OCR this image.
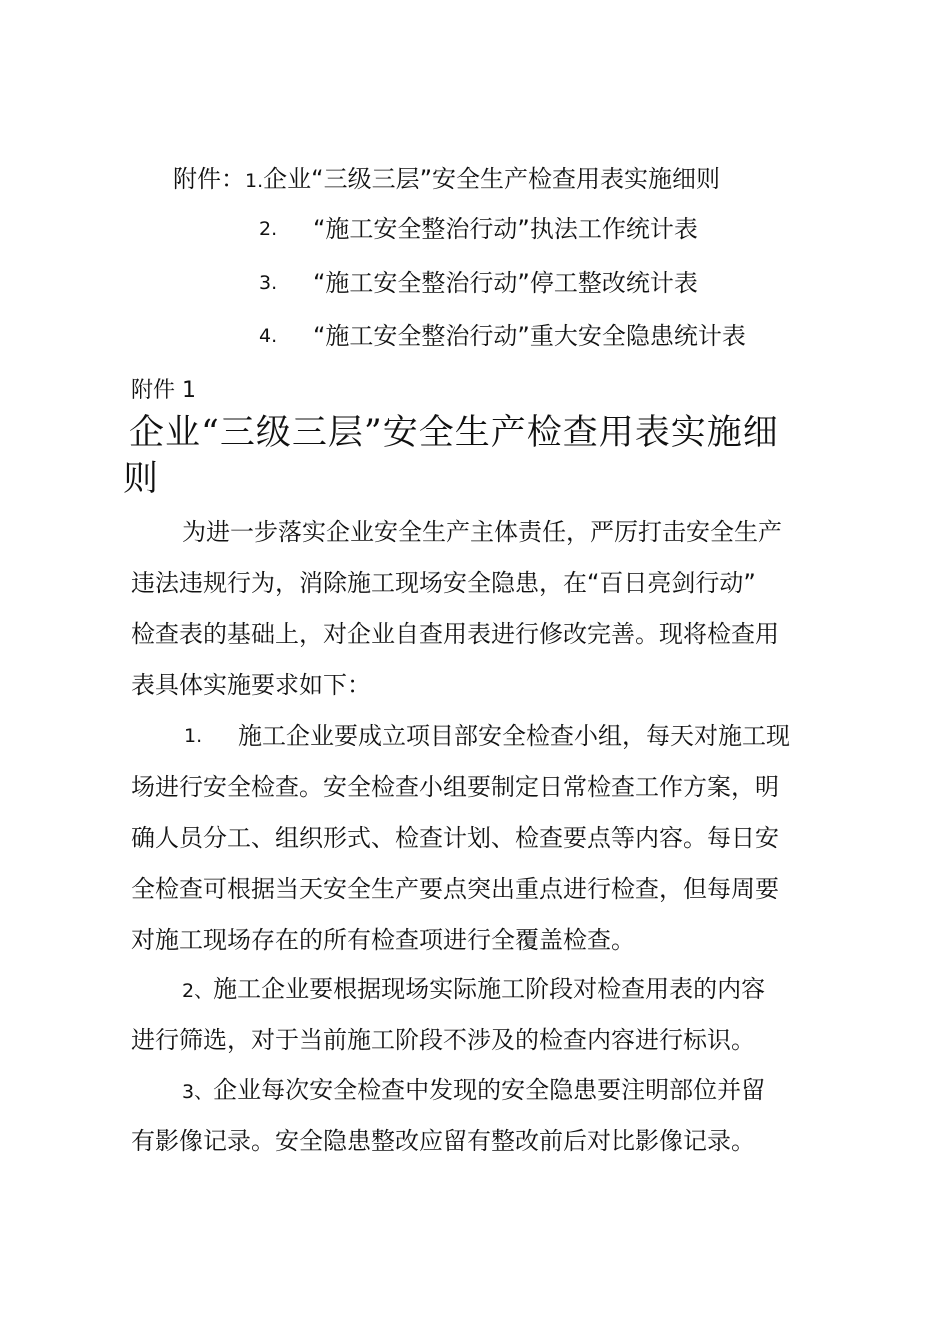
附件：1.企业“三级三层”安全生产检查用表实施细则
2. “施工安全整治行动”执法工作统计表
3. “施工安全整治行动”停工整改统计表
4. “施工安全整治行动”重大安全隐患统计表
附件 1
企业“三级三层”安全生产检查用表实施细
则
为进一步落实企业安全生产主体责任，严厉打击安全生产
违法违规行为，消除施工现场安全隐患，在“百日亮剑行动”
检查表的基础上，对企业自查用表进行修改完善。现将检查用
表具体实施要求如下：
1. 施工企业要成立项目部安全检查小组，每天对施工现
场进行安全检查。安全检查小组要制定日常检查工作方案，明
确人员分工、组织形式、检查计划、检查要点等内容。每日安
全检查可根据当天安全生产要点突出重点进行检查，但每周要
对施工现场存在的所有检查项进行全覆盖检查。
2、施工企业要根据现场实际施工阶段对检查用表的内容
进行筛选，对于当前施工阶段不涉及的检查内容进行标识。
3、企业每次安全检查中发现的安全隐患要注明部位并留
有影像记录。安全隐患整改应留有整改前后对比影像记录。
